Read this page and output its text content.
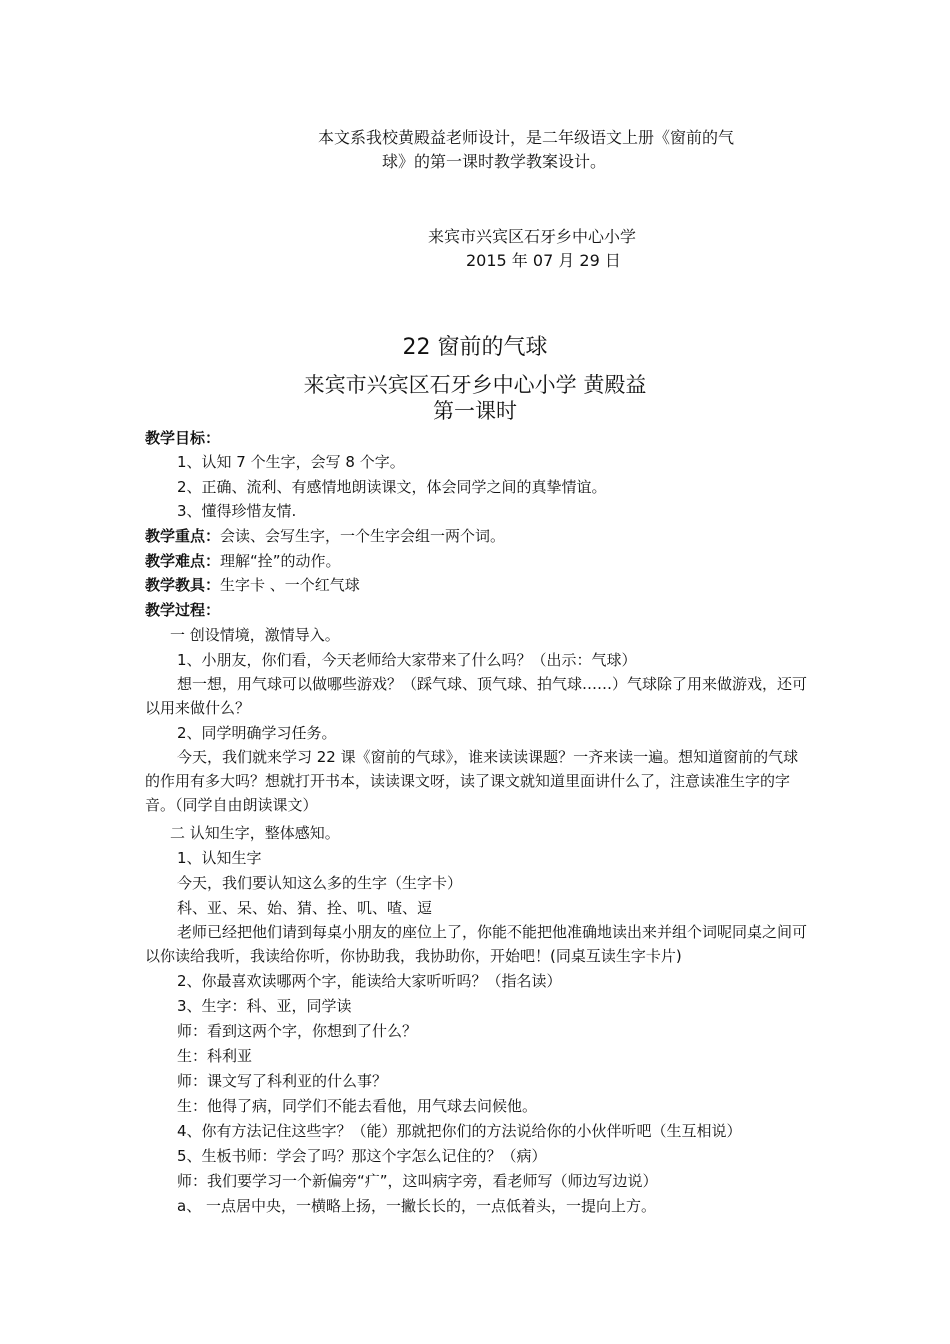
本文系我校黄殿益老师设计，是二年级语文上册《窗前的气
球》的第一课时教学教案设计。
来宾市兴宾区石牙乡中心小学
2015 年 07 月 29 日
22 窗前的气球
来宾市兴宾区石牙乡中心小学 黄殿益
第一课时
教学目标：
1、认知 7 个生字，会写 8 个字。
2、正确、流利、有感情地朗读课文，体会同学之间的真挚情谊。
3、懂得珍惜友情.
教学重点：会读、会写生字，一个生字会组一两个词。
教学难点：理解“拴”的动作。
教学教具：生字卡 、一个红气球
教学过程：
一 创设情境，激情导入。
1、小朋友，你们看，今天老师给大家带来了什么吗？（出示：气球）
想一想，用气球可以做哪些游戏？（踩气球、顶气球、拍气球……）气球除了用来做游戏，还可以用来做什么？
2、同学明确学习任务。
今天，我们就来学习 22 课《窗前的气球》，谁来读读课题？一齐来读一遍。想知道窗前的气球的作用有多大吗？想就打开书本，读读课文呀，读了课文就知道里面讲什么了，注意读准生字的字音。（同学自由朗读课文）
二 认知生字，整体感知。
1、认知生字
今天，我们要认知这么多的生字（生字卡）
科、亚、呆、始、猜、拴、叽、喳、逗
老师已经把他们请到每桌小朋友的座位上了，你能不能把他准确地读出来并组个词呢同桌之间可以你读给我听，我读给你听，你协助我，我协助你，开始吧！(同桌互读生字卡片)
2、你最喜欢读哪两个字，能读给大家听听吗？（指名读）
3、生字：科、亚，同学读
师：看到这两个字，你想到了什么？
生：科利亚
师：课文写了科利亚的什么事？
生：他得了病，同学们不能去看他，用气球去问候他。
4、你有方法记住这些字？（能）那就把你们的方法说给你的小伙伴听吧（生互相说）
5、生板书师：学会了吗？那这个字怎么记住的？（病）
师：我们要学习一个新偏旁“疒”，这叫病字旁，看老师写（师边写边说）
a、 一点居中央，一横略上扬，一撇长长的，一点低着头，一提向上方。
